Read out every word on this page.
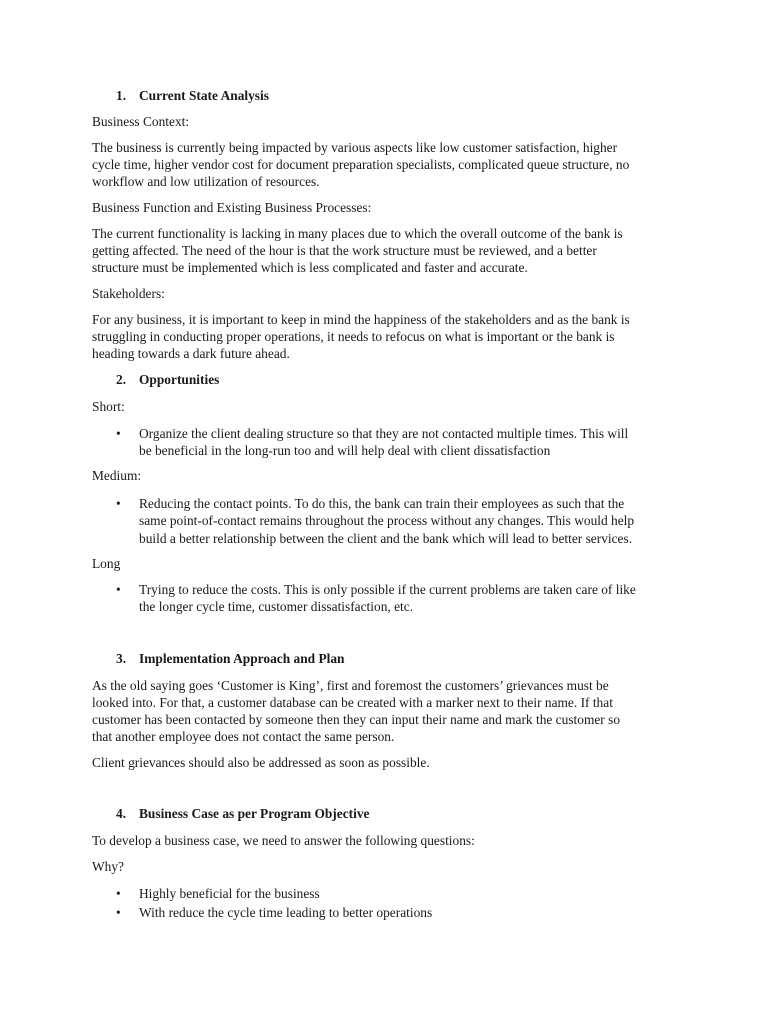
1. Current State Analysis
Business Context:
The business is currently being impacted by various aspects like low customer satisfaction, higher
cycle time, higher vendor cost for document preparation specialists, complicated queue structure, no
workflow and low utilization of resources.
Business Function and Existing Business Processes:
The current functionality is lacking in many places due to which the overall outcome of the bank is
getting affected. The need of the hour is that the work structure must be reviewed, and a better
structure must be implemented which is less complicated and faster and accurate.
Stakeholders:
For any business, it is important to keep in mind the happiness of the stakeholders and as the bank is
struggling in conducting proper operations, it needs to refocus on what is important or the bank is
heading towards a dark future ahead.
2. Opportunities
Short:
•	Organize the client dealing structure so that they are not contacted multiple times. This will
be beneficial in the long-run too and will help deal with client dissatisfaction
Medium:
•	Reducing the contact points. To do this, the bank can train their employees as such that the
same point-of-contact remains throughout the process without any changes. This would help
build a better relationship between the client and the bank which will lead to better services.
Long
•	Trying to reduce the costs. This is only possible if the current problems are taken care of like
the longer cycle time, customer dissatisfaction, etc.
3. Implementation Approach and Plan
As the old saying goes ‘Customer is King’, first and foremost the customers’ grievances must be
looked into. For that, a customer database can be created with a marker next to their name. If that
customer has been contacted by someone then they can input their name and mark the customer so
that another employee does not contact the same person.
Client grievances should also be addressed as soon as possible.
4. Business Case as per Program Objective
To develop a business case, we need to answer the following questions:
Why?
•	Highly beneficial for the business
•	With reduce the cycle time leading to better operations
